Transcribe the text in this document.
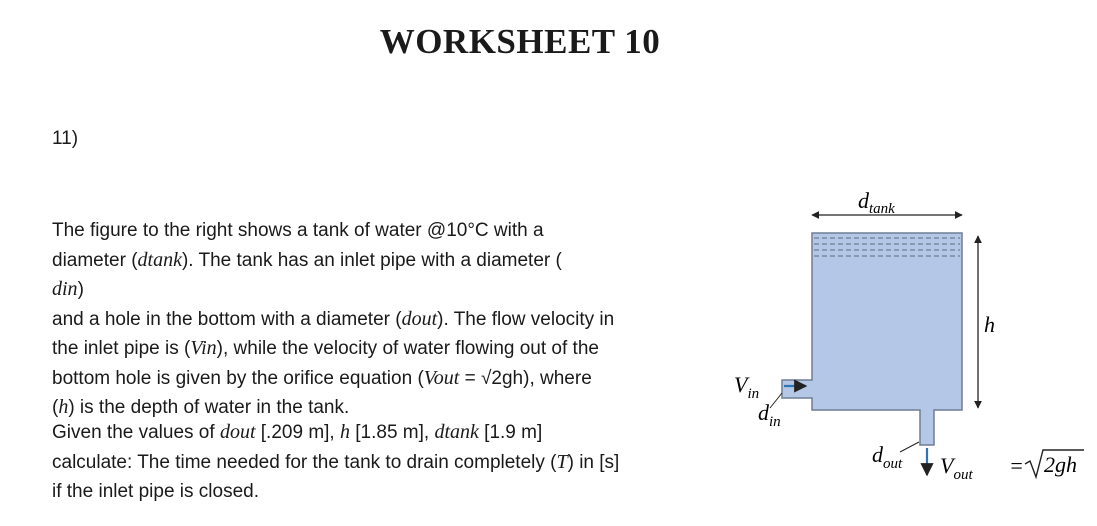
WORKSHEET 10
11)
The figure to the right shows a tank of water @10°C with a
diameter (dtank). The tank has an inlet pipe with a diameter (
din)
and a hole in the bottom with a diameter (dout). The flow velocity in
the inlet pipe is (Vin), while the velocity of water flowing out of the
bottom hole is given by the orifice equation (Vout = √2gh), where
(h) is the depth of water in the tank.
Given the values of dout [.209 m], h [1.85 m], dtank [1.9 m]
calculate: The time needed for the tank to drain completely (T) in [s]
if the inlet pipe is closed.
$d_{tank}$
h
$V_{in}$
$d_{in}$
$d_{out}$ $V_{out} = 2gh$
